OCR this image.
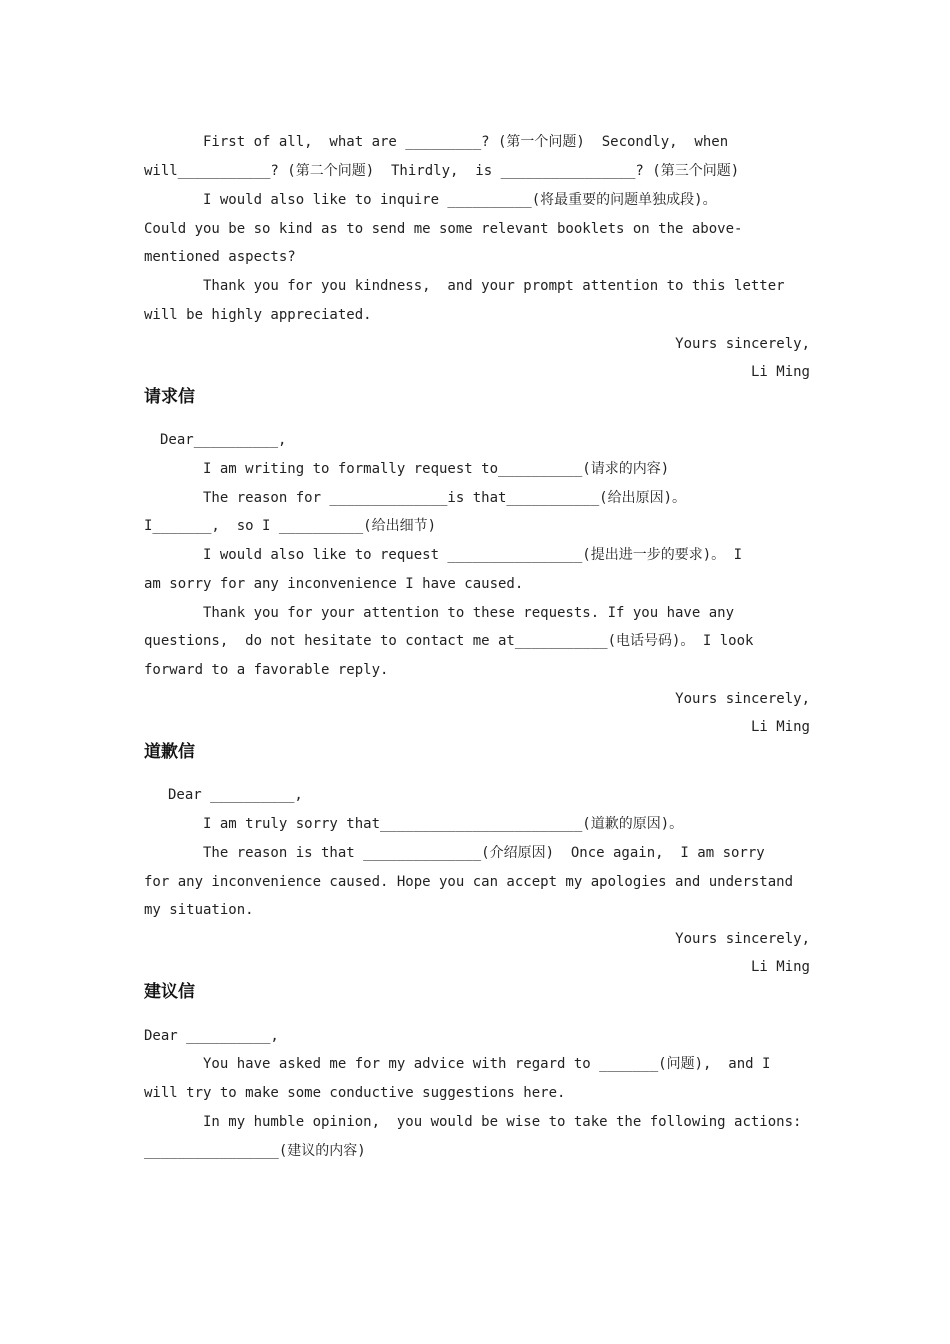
First of all,  what are _________? (第一个问题)  Secondly,  when
will___________? (第二个问题)  Thirdly,  is ________________? (第三个问题)
I would also like to inquire __________(将最重要的问题单独成段)。
Could you be so kind as to send me some relevant booklets on the above-
mentioned aspects?
Thank you for you kindness,  and your prompt attention to this letter
will be highly appreciated.
Yours sincerely,
Li Ming
请求信
Dear__________,
I am writing to formally request to__________(请求的内容)
The reason for ______________is that___________(给出原因)。
I_______,  so I __________(给出细节)
I would also like to request ________________(提出进一步的要求)。 I
am sorry for any inconvenience I have caused.
Thank you for your attention to these requests. If you have any
questions,  do not hesitate to contact me at___________(电话号码)。 I look
forward to a favorable reply.
Yours sincerely,
Li Ming
道歉信
Dear __________,
I am truly sorry that________________________(道歉的原因)。
The reason is that ______________(介绍原因)  Once again,  I am sorry
for any inconvenience caused. Hope you can accept my apologies and understand
my situation.
Yours sincerely,
Li Ming
建议信
Dear __________,
You have asked me for my advice with regard to _______(问题),  and I
will try to make some conductive suggestions here.
In my humble opinion,  you would be wise to take the following actions:
________________(建议的内容)
